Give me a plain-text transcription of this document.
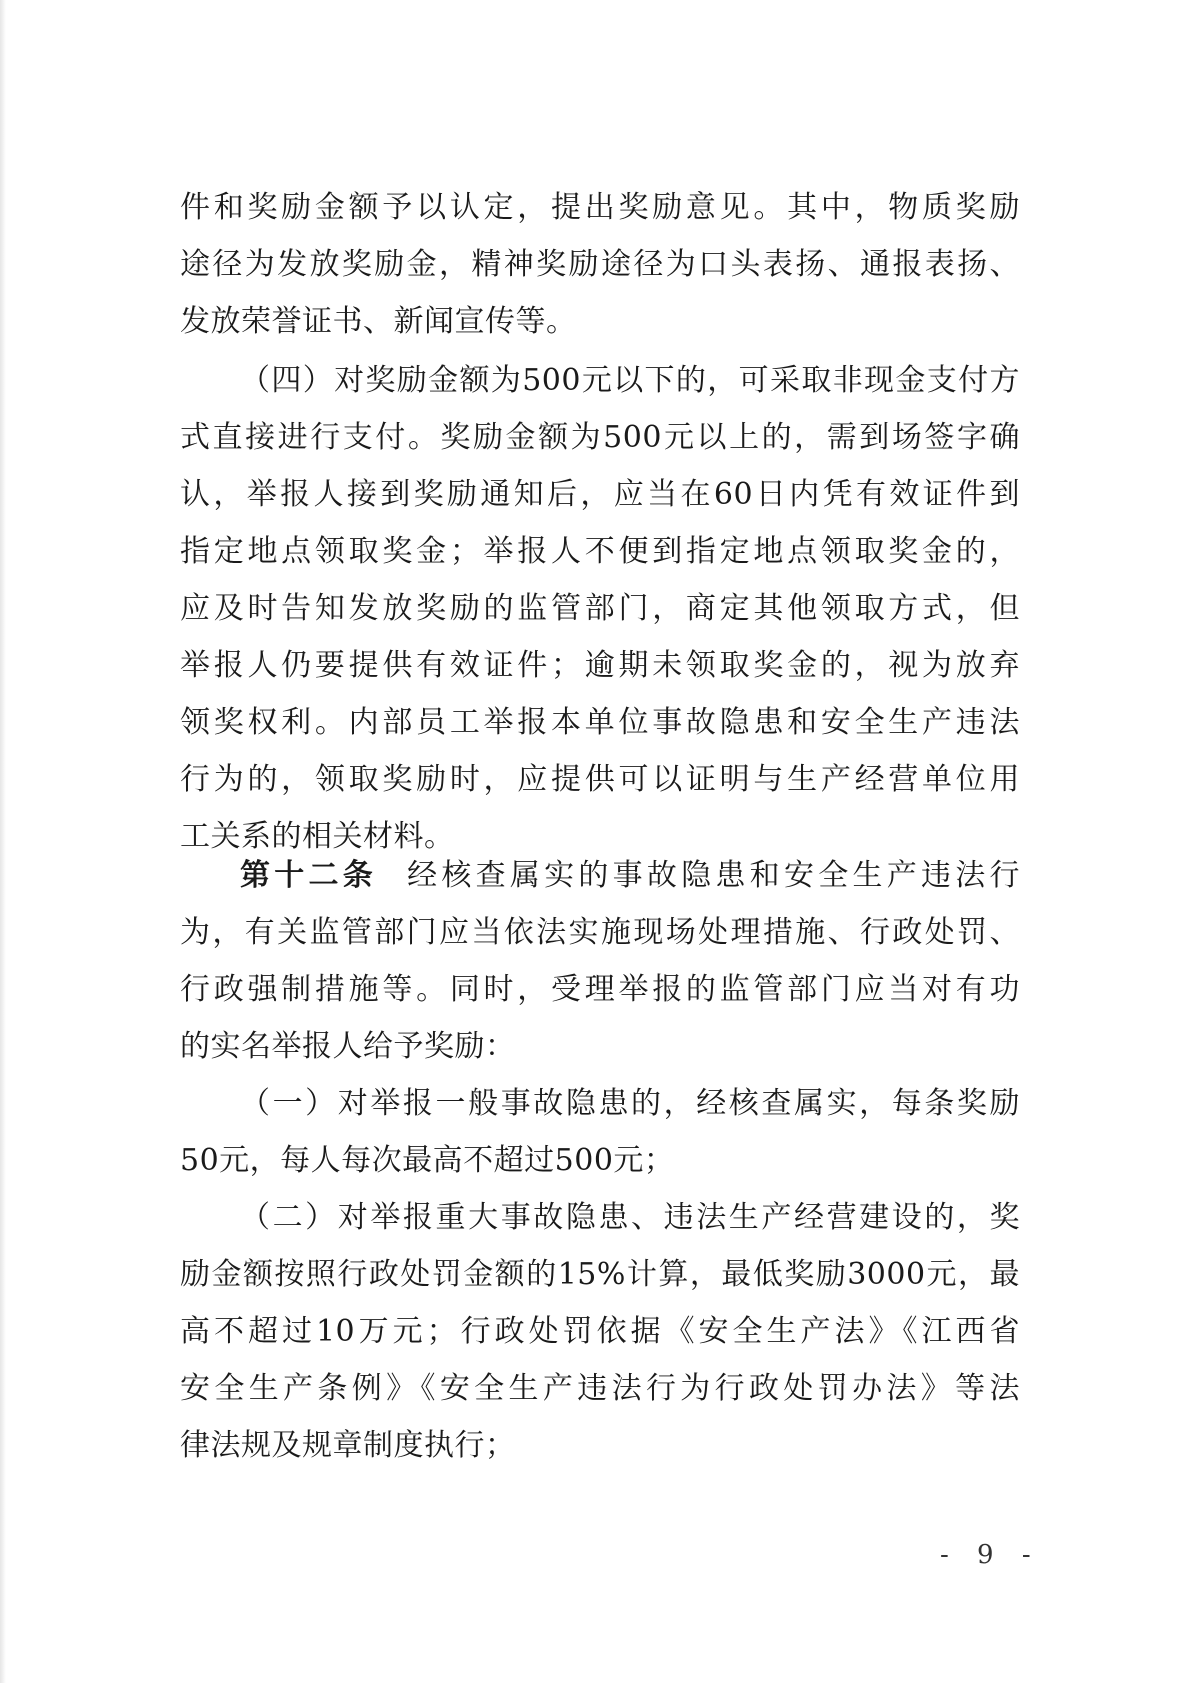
件和奖励金额予以认定，提出奖励意见。其中，物质奖励
途径为发放奖励金，精神奖励途径为口头表扬、通报表扬、
发放荣誉证书、新闻宣传等。
（四）对奖励金额为500元以下的，可采取非现金支付方
式直接进行支付。奖励金额为500元以上的，需到场签字确
认，举报人接到奖励通知后，应当在60日内凭有效证件到
指定地点领取奖金；举报人不便到指定地点领取奖金的，
应及时告知发放奖励的监管部门，商定其他领取方式，但
举报人仍要提供有效证件；逾期未领取奖金的，视为放弃
领奖权利。内部员工举报本单位事故隐患和安全生产违法
行为的，领取奖励时，应提供可以证明与生产经营单位用
工关系的相关材料。
第十二条 经核查属实的事故隐患和安全生产违法行
为，有关监管部门应当依法实施现场处理措施、行政处罚、
行政强制措施等。同时，受理举报的监管部门应当对有功
的实名举报人给予奖励：
（一）对举报一般事故隐患的，经核查属实，每条奖励
50元，每人每次最高不超过500元；
（二）对举报重大事故隐患、违法生产经营建设的，奖
励金额按照行政处罚金额的15%计算，最低奖励3000元，最
高不超过10万元；行政处罚依据《安全生产法》《江西省
安全生产条例》《安全生产违法行为行政处罚办法》等法
律法规及规章制度执行；
- 9 -
